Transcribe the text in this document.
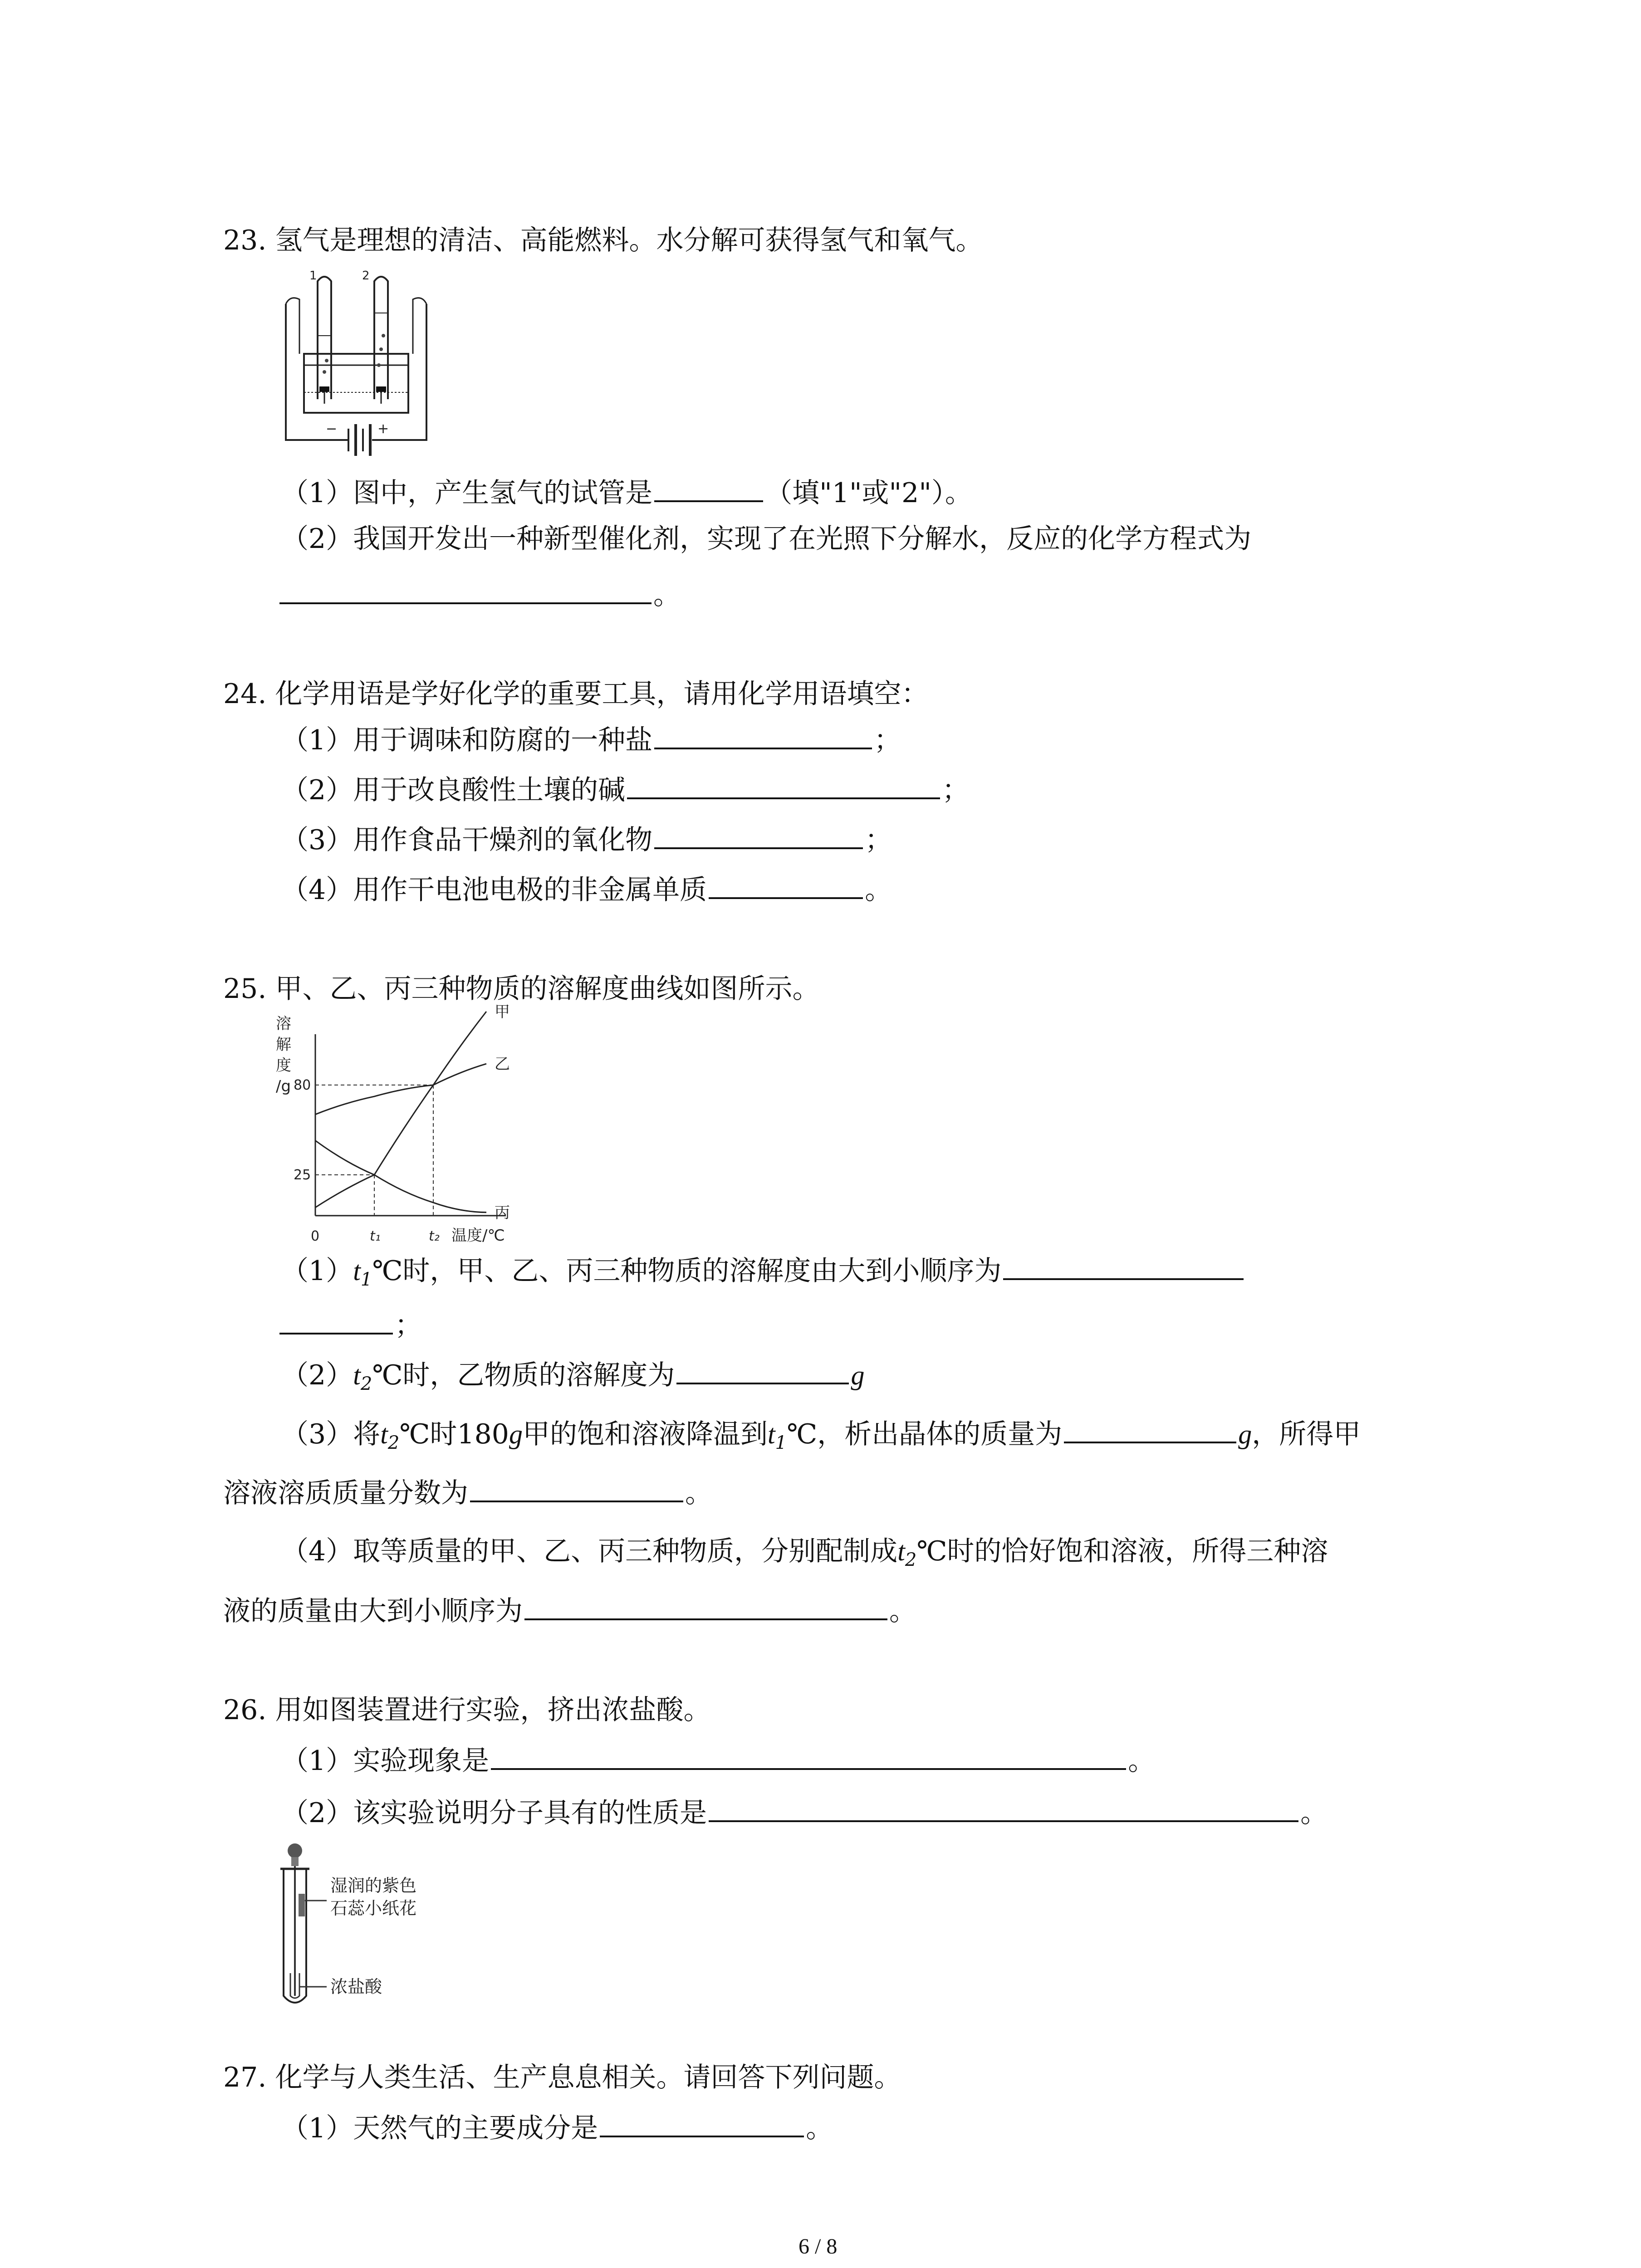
23. 氢气是理想的清洁、高能燃料。水分解可获得氢气和氧气。
1	2
−	+
（1）图中，产生氢气的试管是	（填"1"或"2"）。
（2）我国开发出一种新型催化剂，实现了在光照下分解水，反应的化学方程式为
。
24. 化学用语是学好化学的重要工具，请用化学用语填空：
（1）用于调味和防腐的一种盐	；
（2）用于改良酸性土壤的碱	；
（3）用作食品干燥剂的氧化物	；
（4）用作干电池电极的非金属单质	。
25. 甲、乙、丙三种物质的溶解度曲线如图所示。
溶
解
度
/g
温度/℃
0	t₁	t₂
25
80
甲
乙
丙
$(1)t_1℃$时，甲、乙、丙三种物质的溶解度由大到小顺序为
；
$(2)t_2℃$时，乙物质的溶解度为	g
（3）将$t_2℃$时180g甲的饱和溶液降温到$t_1℃$，析出晶体的质量为	g，所得甲
溶液溶质质量分数为	。
（4）取等质量的甲、乙、丙三种物质，分别配制成$t_2℃$时的恰好饱和溶液，所得三种溶
液的质量由大到小顺序为	。
26. 用如图装置进行实验，挤出浓盐酸。
（1）实验现象是	。
（2）该实验说明分子具有的性质是	。
湿润的紫色
石蕊小纸花
浓盐酸
27. 化学与人类生活、生产息息相关。请回答下列问题。
（1）天然气的主要成分是	。
6 / 8
